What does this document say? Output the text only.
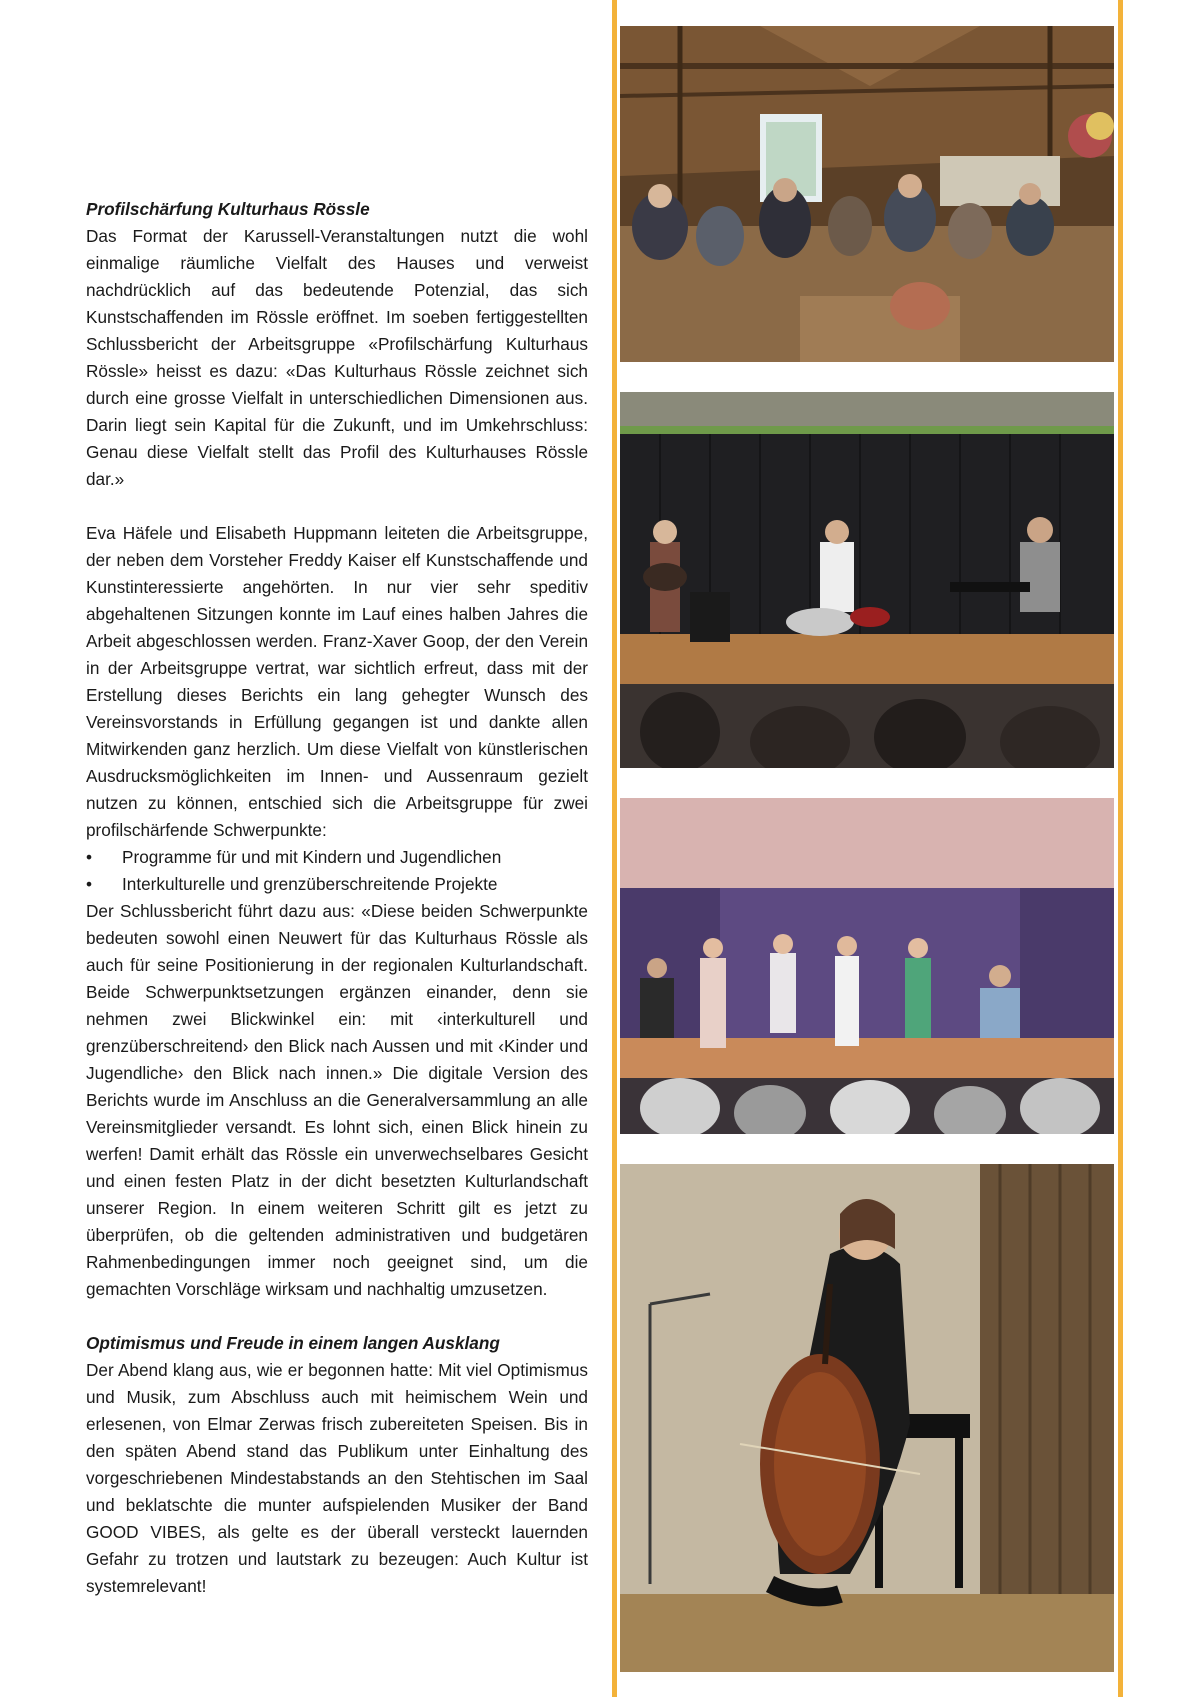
Profilschärfung Kulturhaus Rössle

Das Format der Karussell-Veranstaltungen nutzt die wohl einmalige räumliche Vielfalt des Hauses und verweist nachdrücklich auf das bedeutende Potenzial, das sich Kunstschaffenden im Rössle eröffnet. Im soeben fertiggestellten Schlussbericht der Arbeitsgruppe «Profilschärfung Kulturhaus Rössle» heisst es dazu: «Das Kulturhaus Rössle zeichnet sich durch eine grosse Vielfalt in unterschiedlichen Dimensionen aus. Darin liegt sein Kapital für die Zukunft, und im Umkehrschluss: Genau diese Vielfalt stellt das Profil des Kulturhauses Rössle dar.»

Eva Häfele und Elisabeth Huppmann leiteten die Arbeitsgruppe, der neben dem Vorsteher Freddy Kaiser elf Kunstschaffende und Kunstinteressierte angehörten. In nur vier sehr speditiv abgehaltenen Sitzungen konnte im Lauf eines halben Jahres die Arbeit abgeschlossen werden. Franz-Xaver Goop, der den Verein in der Arbeitsgruppe vertrat, war sichtlich erfreut, dass mit der Erstellung dieses Berichts ein lang gehegter Wunsch des Vereinsvorstands in Erfüllung gegangen ist und dankte allen Mitwirkenden ganz herzlich. Um diese Vielfalt von künstlerischen Ausdrucksmöglichkeiten im Innen- und Aussenraum gezielt nutzen zu können, entschied sich die Arbeitsgruppe für zwei profilschärfende Schwerpunkte:

• Programme für und mit Kindern und Jugendlichen
• Interkulturelle und grenzüberschreitende Projekte

Der Schlussbericht führt dazu aus: «Diese beiden Schwerpunkte bedeuten sowohl einen Neuwert für das Kulturhaus Rössle als auch für seine Positionierung in der regionalen Kulturlandschaft. Beide Schwerpunktsetzungen ergänzen einander, denn sie nehmen zwei Blickwinkel ein: mit ‹interkulturell und grenzüberschreitend› den Blick nach Aussen und mit ‹Kinder und Jugendliche› den Blick nach innen.» Die digitale Version des Berichts wurde im Anschluss an die Generalversammlung an alle Vereinsmitglieder versandt. Es lohnt sich, einen Blick hinein zu werfen! Damit erhält das Rössle ein unverwechselbares Gesicht und einen festen Platz in der dicht besetzten Kulturlandschaft unserer Region. In einem weiteren Schritt gilt es jetzt zu überprüfen, ob die geltenden administrativen und budgetären Rahmenbedingungen immer noch geeignet sind, um die gemachten Vorschläge wirksam und nachhaltig umzusetzen.

Optimismus und Freude in einem langen Ausklang

Der Abend klang aus, wie er begonnen hatte: Mit viel Optimismus und Musik, zum Abschluss auch mit heimischem Wein und erlesenen, von Elmar Zerwas frisch zubereiteten Speisen. Bis in den späten Abend stand das Publikum unter Einhaltung des vorgeschriebenen Mindestabstands an den Stehtischen im Saal und beklatschte die munter aufspielenden Musiker der Band GOOD VIBES, als gelte es der überall versteckt lauernden Gefahr zu trotzen und lautstark zu bezeugen: Auch Kultur ist systemrelevant!
